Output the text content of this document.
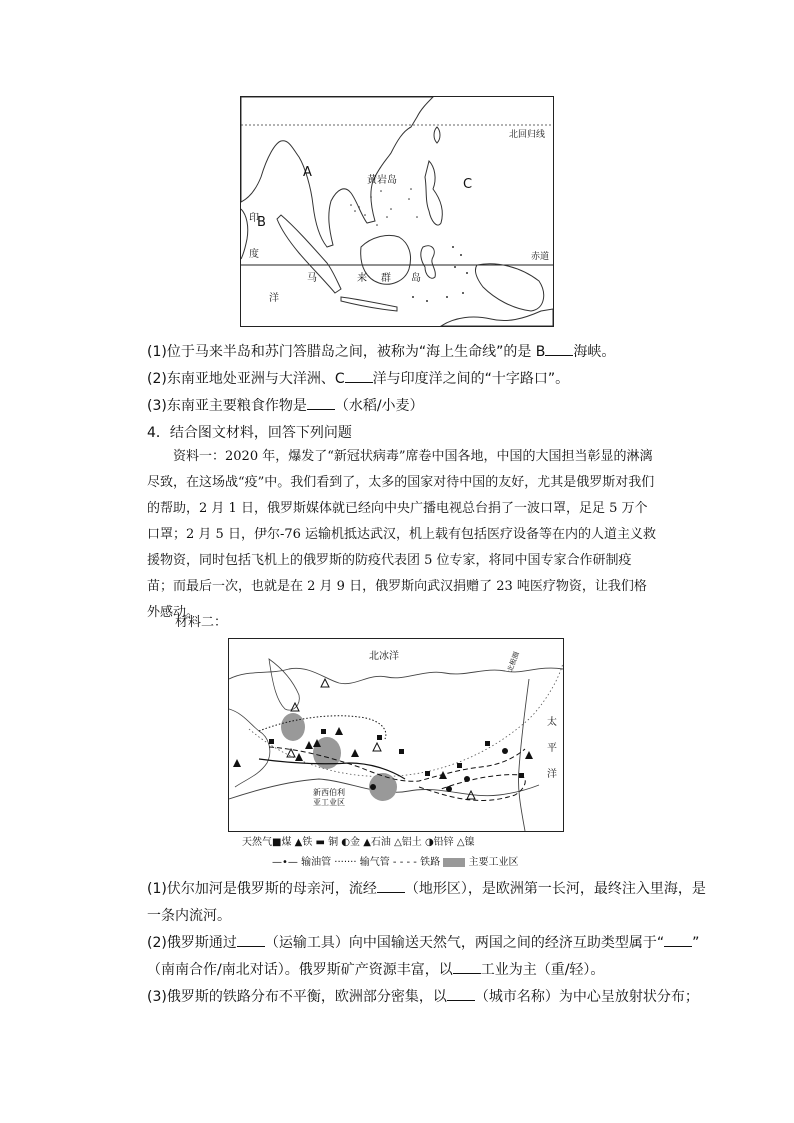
A
B
C
黄岩岛
北回归线
赤道
印
度
洋
马	来 群 岛
(1)位于马来半岛和苏门答腊岛之间，被称为“海上生命线”的是 B 海峡。
(2)东南亚地处亚洲与大洋洲、C 洋与印度洋之间的“十字路口”。
(3)东南亚主要粮食作物是 （水稻/小麦）
4．结合图文材料，回答下列问题

资料一：2020 年，爆发了“新冠状病毒”席卷中国各地，中国的大国担当彰显的淋漓尽致，在这场战“疫”中。我们看到了，太多的国家对待中国的友好，尤其是俄罗斯对我们的帮助，2 月 1 日，俄罗斯媒体就已经向中央广播电视总台捐了一波口罩，足足 5 万个口罩；2 月 5 日，伊尔-76 运输机抵达武汉，机上载有包括医疗设备等在内的人道主义救援物资，同时包括飞机上的俄罗斯的防疫代表团 5 位专家，将同中国专家合作研制疫苗；而最后一次，也就是在 2 月 9 日，俄罗斯向武汉捐赠了 23 吨医疗物资，让我们格外感动。

材料二：
北冰洋
太
平
洋
新西伯利
亚工业区
北极圈
天然气■煤 ▲铁 ▬ 铜 ◐金 ▲石油 △铝土 ◑铅锌 △镍
—•— 输油管 ······· 输气管 - - - - 铁路	主要工业区
(1)伏尔加河是俄罗斯的母亲河，流经 （地形区），是欧洲第一长河，最终注入里海，是
一条内流河。
(2)俄罗斯通过 （运输工具）向中国输送天然气，两国之间的经济互助类型属于“ ”
（南南合作/南北对话）。俄罗斯矿产资源丰富，以 工业为主（重/轻）。
(3)俄罗斯的铁路分布不平衡，欧洲部分密集，以 （城市名称）为中心呈放射状分布；
